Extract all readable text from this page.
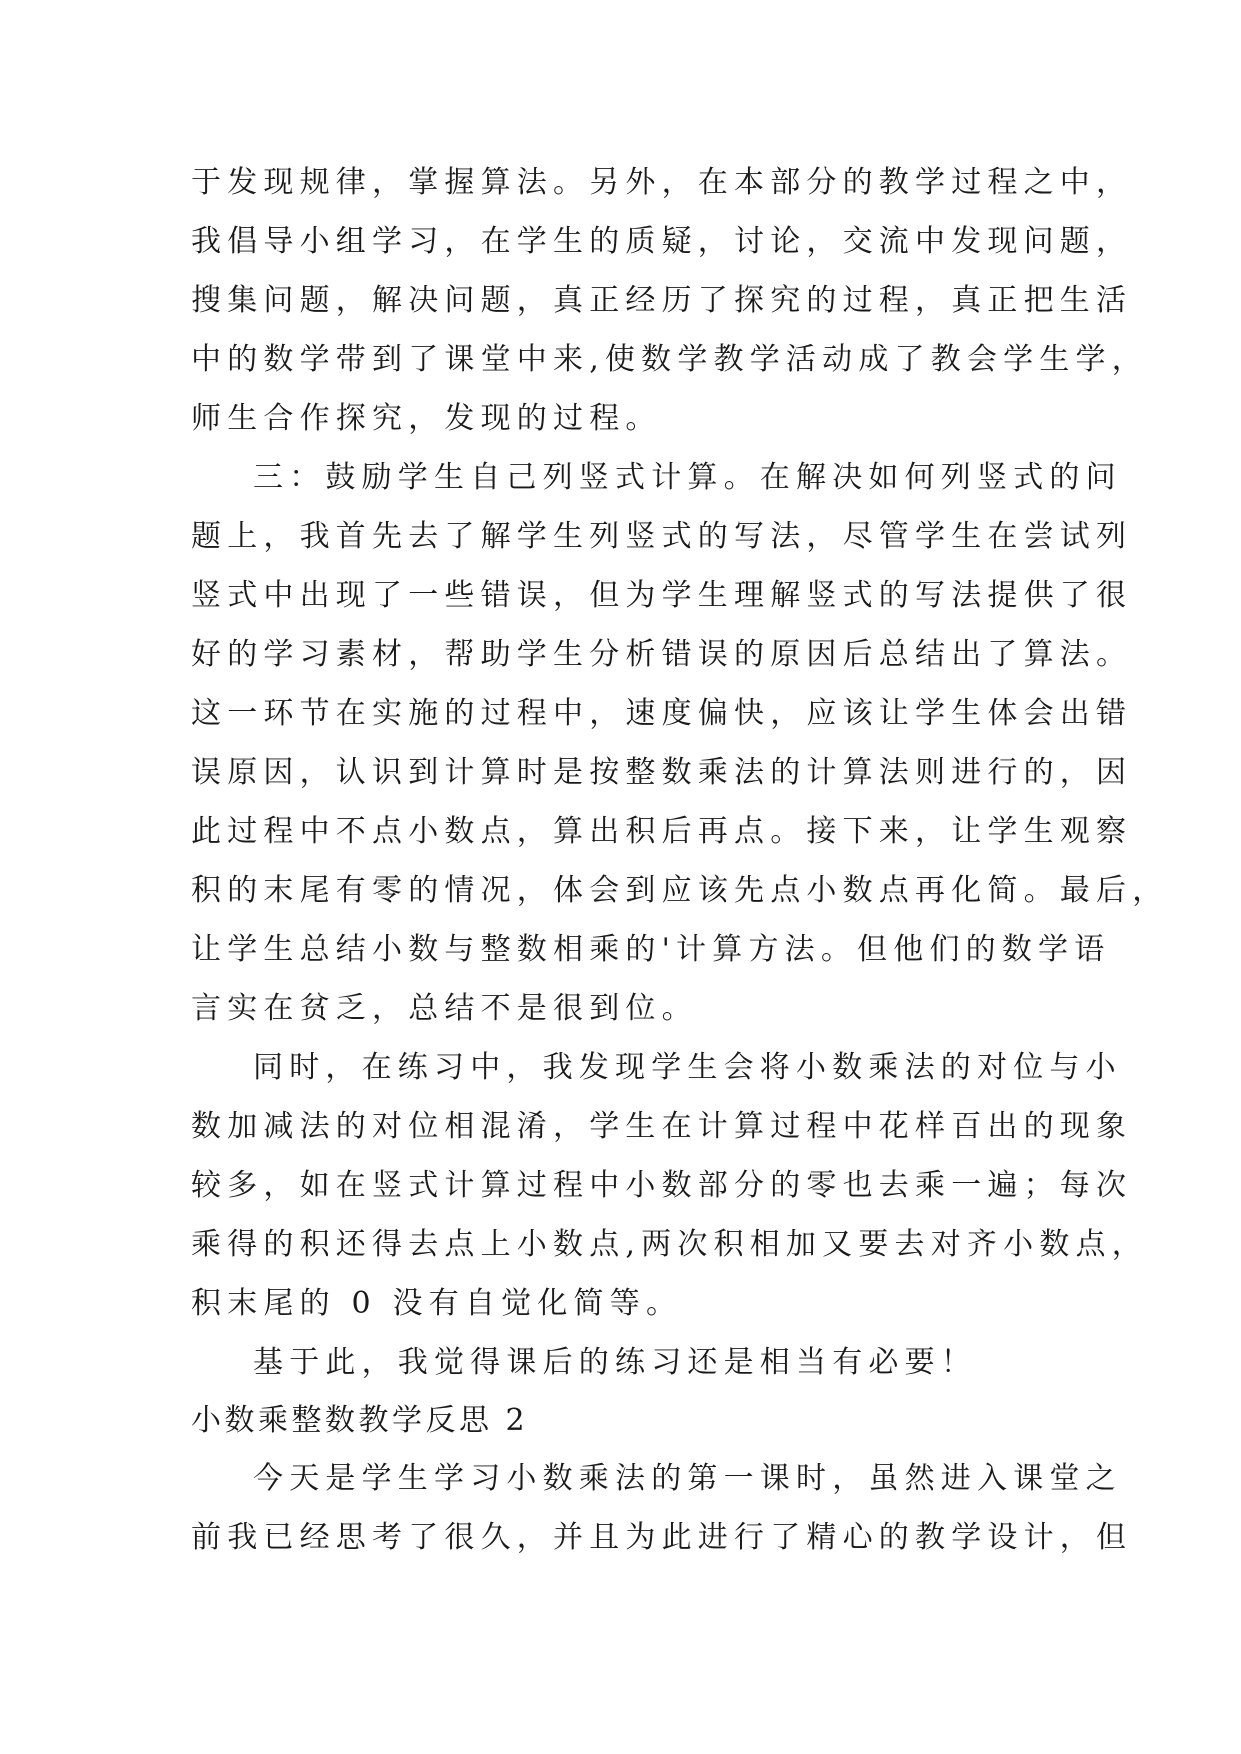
于发现规律，掌握算法。另外，在本部分的教学过程之中，
我倡导小组学习，在学生的质疑，讨论，交流中发现问题，
搜集问题，解决问题，真正经历了探究的过程，真正把生活
中的数学带到了课堂中来,使数学教学活动成了教会学生学，
师生合作探究，发现的过程。
三：鼓励学生自己列竖式计算。在解决如何列竖式的问
题上，我首先去了解学生列竖式的写法，尽管学生在尝试列
竖式中出现了一些错误，但为学生理解竖式的写法提供了很
好的学习素材，帮助学生分析错误的原因后总结出了算法。
这一环节在实施的过程中，速度偏快，应该让学生体会出错
误原因，认识到计算时是按整数乘法的计算法则进行的，因
此过程中不点小数点，算出积后再点。接下来，让学生观察
积的末尾有零的情况，体会到应该先点小数点再化简。最后，
让学生总结小数与整数相乘的'计算方法。但他们的数学语
言实在贫乏，总结不是很到位。
同时，在练习中，我发现学生会将小数乘法的对位与小
数加减法的对位相混淆，学生在计算过程中花样百出的现象
较多，如在竖式计算过程中小数部分的零也去乘一遍；每次
乘得的积还得去点上小数点,两次积相加又要去对齐小数点，
积末尾的 0 没有自觉化简等。
基于此，我觉得课后的练习还是相当有必要！
小数乘整数教学反思 2
今天是学生学习小数乘法的第一课时，虽然进入课堂之
前我已经思考了很久，并且为此进行了精心的教学设计，但
